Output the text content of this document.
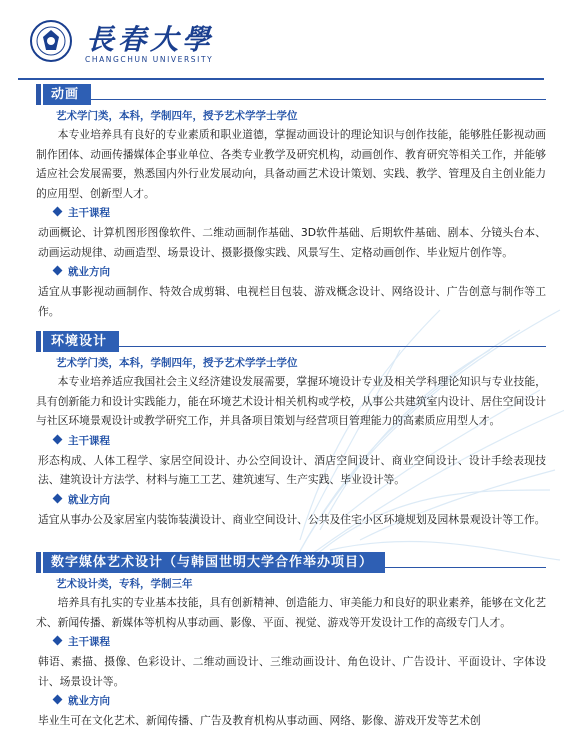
長春大學
CHANGCHUN UNIVERSITY
动画
艺术学门类，本科，学制四年，授予艺术学学士学位
本专业培养具有良好的专业素质和职业道德，掌握动画设计的理论知识与创作技能，能够胜任影视动画制作团体、动画传播媒体企事业单位、各类专业教学及研究机构，动画创作、教育研究等相关工作，并能够适应社会发展需要，熟悉国内外行业发展动向，具备动画艺术设计策划、实践、教学、管理及自主创业能力的应用型、创新型人才。
主干课程
动画概论、计算机图形图像软件、二维动画制作基础、3D软件基础、后期软件基础、剧本、分镜头台本、动画运动规律、动画造型、场景设计、摄影摄像实践、风景写生、定格动画创作、毕业短片创作等。
就业方向
适宜从事影视动画制作、特效合成剪辑、电视栏目包装、游戏概念设计、网络设计、广告创意与制作等工作。
环境设计
艺术学门类，本科，学制四年，授予艺术学学士学位
本专业培养适应我国社会主义经济建设发展需要，掌握环境设计专业及相关学科理论知识与专业技能，具有创新能力和设计实践能力，能在环境艺术设计相关机构或学校，从事公共建筑室内设计、居住空间设计与社区环境景观设计或教学研究工作，并具备项目策划与经营项目管理能力的高素质应用型人才。
主干课程
形态构成、人体工程学、家居空间设计、办公空间设计、酒店空间设计、商业空间设计、设计手绘表现技法、建筑设计方法学、材料与施工工艺、建筑速写、生产实践、毕业设计等。
就业方向
适宜从事办公及家居室内装饰装潢设计、商业空间设计、公共及住宅小区环境规划及园林景观设计等工作。
数字媒体艺术设计（与韩国世明大学合作举办项目）
艺术设计类，专科，学制三年
培养具有扎实的专业基本技能，具有创新精神、创造能力、审美能力和良好的职业素养，能够在文化艺术、新闻传播、新媒体等机构从事动画、影像、平面、视觉、游戏等开发设计工作的高级专门人才。
主干课程
韩语、素描、摄像、色彩设计、二维动画设计、三维动画设计、角色设计、广告设计、平面设计、字体设计、场景设计等。
就业方向
毕业生可在文化艺术、新闻传播、广告及教育机构从事动画、网络、影像、游戏开发等艺术创
